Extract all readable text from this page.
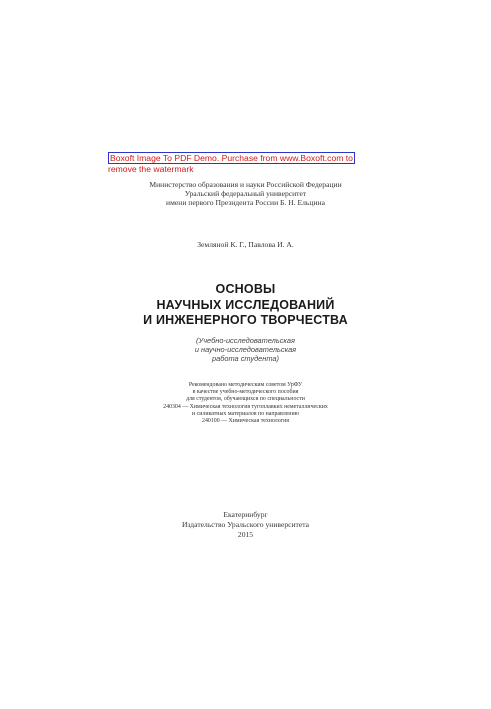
Boxoft Image To PDF Demo. Purchase from www.Boxoft.com to
remove the watermark
Министерство образования и науки Российской Федерации
Уральский федеральный университет
имени первого Президента России Б. Н. Ельцина
Земляной К. Г., Павлова И. А.
ОСНОВЫ
НАУЧНЫХ ИССЛЕДОВАНИЙ
И ИНЖЕНЕРНОГО ТВОРЧЕСТВА
(Учебно-исследовательская
и научно-исследовательская
работа студента)
Рекомендовано методическим советом УрФУ
в качестве учебно-методического пособия
для студентов, обучающихся по специальности
240304 — Химическая технология тугоплавких неметаллических
и силикатных материалов по направлению
240100 — Химическая технология
Екатеринбург
Издательство Уральского университета
2015
